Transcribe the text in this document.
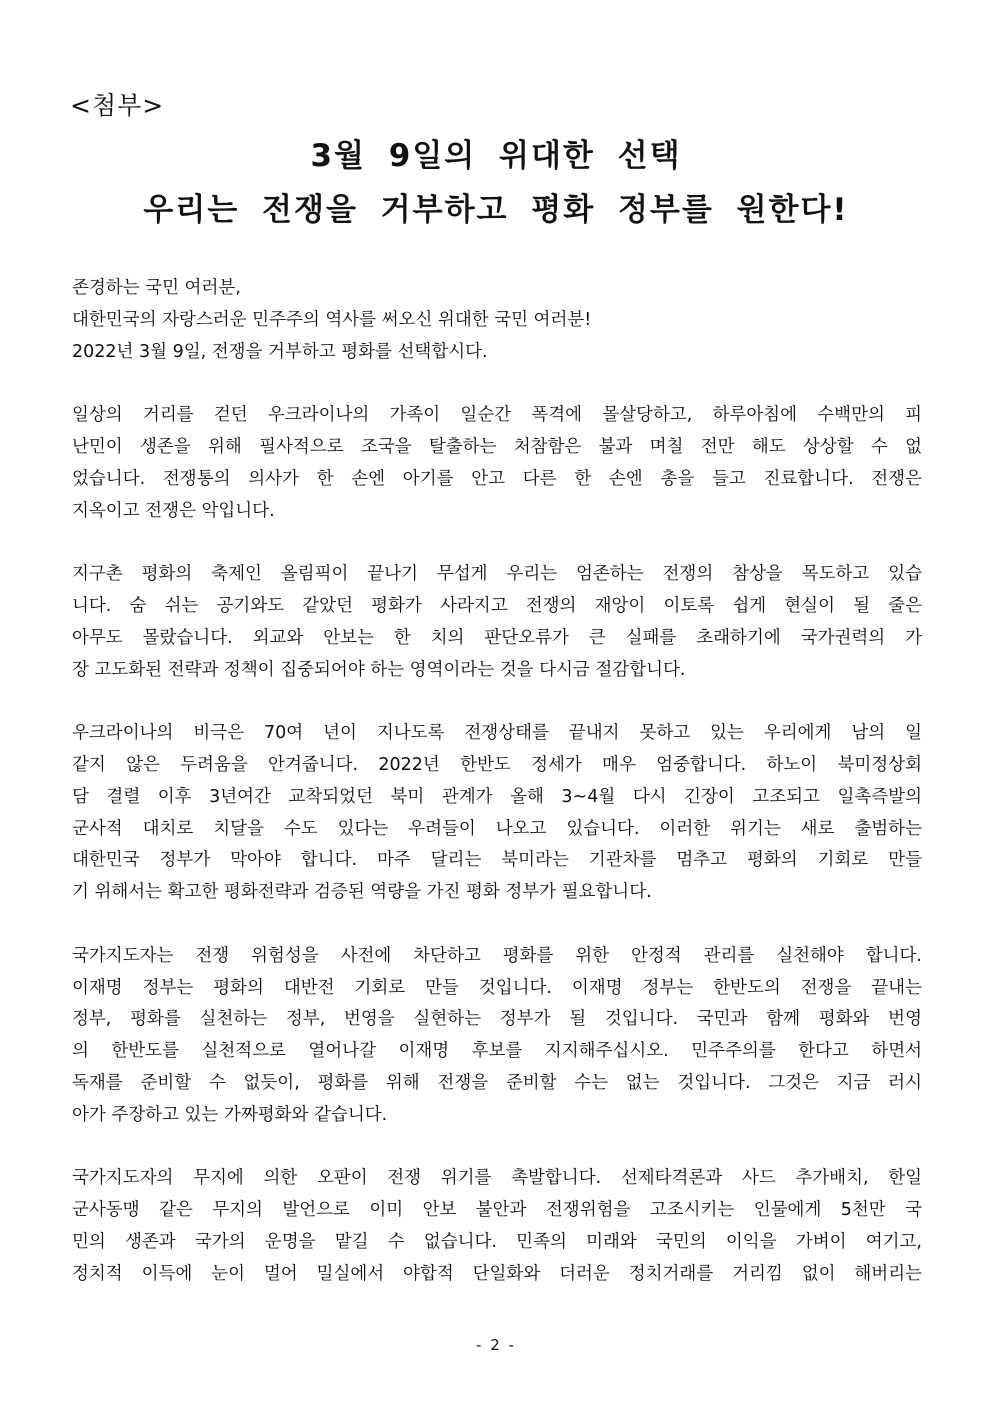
<첨부>
3월 9일의 위대한 선택
우리는 전쟁을 거부하고 평화 정부를 원한다!
존경하는 국민 여러분,
대한민국의 자랑스러운 민주주의 역사를 써오신 위대한 국민 여러분!
2022년 3월 9일, 전쟁을 거부하고 평화를 선택합시다.
일상의 거리를 걷던 우크라이나의 가족이 일순간 폭격에 몰살당하고, 하루아침에 수백만의 피
난민이 생존을 위해 필사적으로 조국을 탈출하는 처참함은 불과 며칠 전만 해도 상상할 수 없
었습니다. 전쟁통의 의사가 한 손엔 아기를 안고 다른 한 손엔 총을 들고 진료합니다. 전쟁은
지옥이고 전쟁은 악입니다.
지구촌 평화의 축제인 올림픽이 끝나기 무섭게 우리는 엄존하는 전쟁의 참상을 목도하고 있습
니다. 숨 쉬는 공기와도 같았던 평화가 사라지고 전쟁의 재앙이 이토록 쉽게 현실이 될 줄은
아무도 몰랐습니다. 외교와 안보는 한 치의 판단오류가 큰 실패를 초래하기에 국가권력의 가
장 고도화된 전략과 정책이 집중되어야 하는 영역이라는 것을 다시금 절감합니다.
우크라이나의 비극은 70여 년이 지나도록 전쟁상태를 끝내지 못하고 있는 우리에게 남의 일
같지 않은 두려움을 안겨줍니다. 2022년 한반도 정세가 매우 엄중합니다. 하노이 북미정상회
담 결렬 이후 3년여간 교착되었던 북미 관계가 올해 3~4월 다시 긴장이 고조되고 일촉즉발의
군사적 대치로 치달을 수도 있다는 우려들이 나오고 있습니다. 이러한 위기는 새로 출범하는
대한민국 정부가 막아야 합니다. 마주 달리는 북미라는 기관차를 멈추고 평화의 기회로 만들
기 위해서는 확고한 평화전략과 검증된 역량을 가진 평화 정부가 필요합니다.
국가지도자는 전쟁 위험성을 사전에 차단하고 평화를 위한 안정적 관리를 실천해야 합니다.
이재명 정부는 평화의 대반전 기회로 만들 것입니다. 이재명 정부는 한반도의 전쟁을 끝내는
정부, 평화를 실천하는 정부, 번영을 실현하는 정부가 될 것입니다. 국민과 함께 평화와 번영
의 한반도를 실천적으로 열어나갈 이재명 후보를 지지해주십시오. 민주주의를 한다고 하면서
독재를 준비할 수 없듯이, 평화를 위해 전쟁을 준비할 수는 없는 것입니다. 그것은 지금 러시
아가 주장하고 있는 가짜평화와 같습니다.
국가지도자의 무지에 의한 오판이 전쟁 위기를 촉발합니다. 선제타격론과 사드 추가배치, 한일
군사동맹 같은 무지의 발언으로 이미 안보 불안과 전쟁위험을 고조시키는 인물에게 5천만 국
민의 생존과 국가의 운명을 맡길 수 없습니다. 민족의 미래와 국민의 이익을 가벼이 여기고,
정치적 이득에 눈이 멀어 밀실에서 야합적 단일화와 더러운 정치거래를 거리낌 없이 해버리는
- 2 -
